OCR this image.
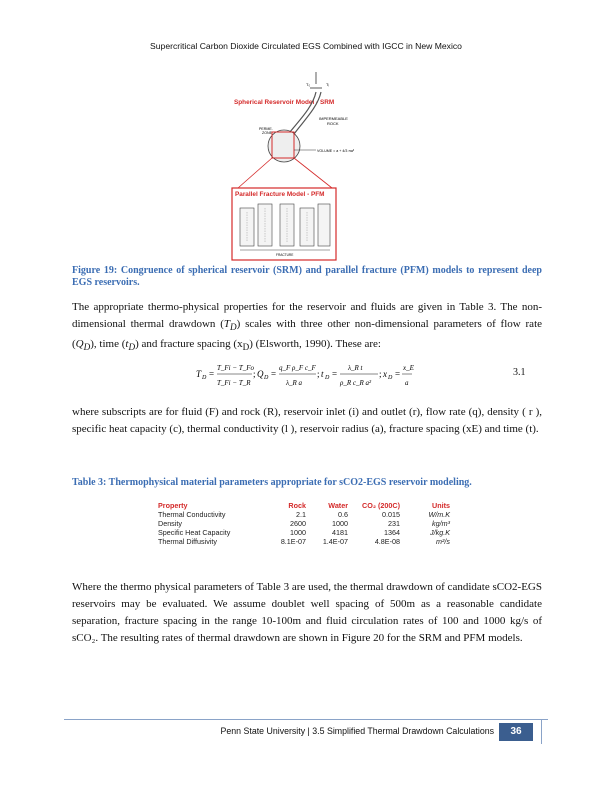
Supercritical Carbon Dioxide Circulated EGS Combined with IGCC in New Mexico
T₀	Tᵢ
Spherical Reservoir Model - SRM
IMPERMEABLE
ROCK
PERME.
ZONE
VOLUME = a + 4/3 πa³
Parallel Fracture Model - PFM
FRACTURE
Figure 19: Congruence of spherical reservoir (SRM) and parallel fracture (PFM) models to represent deep EGS reservoirs.
The appropriate thermo-physical properties for the reservoir and fluids are given in Table 3. The non-dimensional thermal drawdown $(T_D)$ scales with three other non-dimensional parameters of flow rate $(Q_D)$, time $(t_D)$ and fracture spacing $(x_D)$ (Elsworth, 1990). These are:
T D =
T_Fi − T_Fo
T_Fi − T_R
; Q D =
q_F ρ_F c_F
λ_R a
; t D =
λ_R t
ρ_R c_R a²
; x D =
x_E
a
3.1
where subscripts are for fluid (F) and rock (R), reservoir inlet (i) and outlet (r), flow rate (q), density ( r ), specific heat capacity (c), thermal conductivity (l ), reservoir radius (a), fracture spacing (xE) and time (t).
Table 3: Thermophysical material parameters appropriate for sCO2-EGS reservoir modeling.
Property	Rock	Water	CO₂ (200C)	Units
Thermal Conductivity	2.1	0.6	0.015	W/m.K
Density	2600	1000	231	kg/m³
Specific Heat Capacity	1000	4181	1364	J/kg.K
Thermal Diffusivity	8.1E-07	1.4E-07	4.8E-08	m²/s
Where the thermo physical parameters of Table 3 are used, the thermal drawdown of candidate sCO2-EGS reservoirs may be evaluated. We assume doublet well spacing of 500m as a reasonable candidate separation, fracture spacing in the range 10-100m and fluid circulation rates of 100 and 1000 kg/s of sCO₂. The resulting rates of thermal drawdown are shown in Figure 20 for the SRM and PFM models.
Penn State University | 3.5 Simplified Thermal Drawdown Calculations	36
